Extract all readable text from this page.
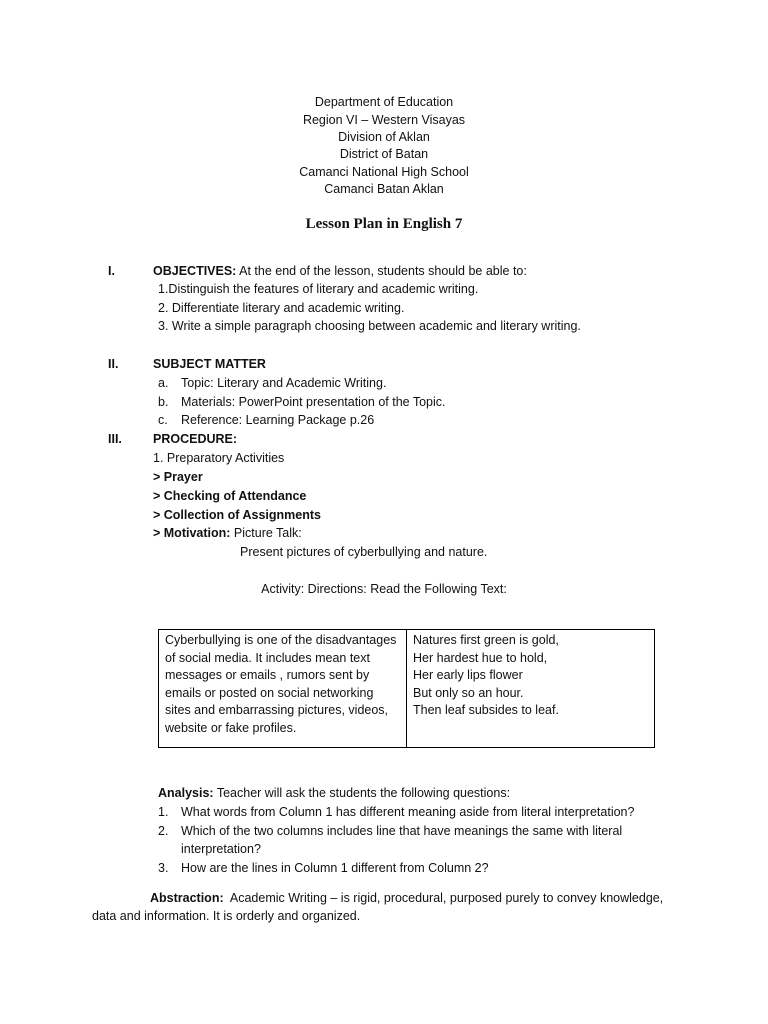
Department of Education
Region VI – Western Visayas
Division of Aklan
District of Batan
Camanci National High School
Camanci Batan Aklan
Lesson Plan in English 7
I.	OBJECTIVES: At the end of the lesson, students should be able to:
1.Distinguish the features of literary and academic writing.
2. Differentiate literary and academic writing.
3. Write a simple paragraph choosing between academic and literary writing.
II.	SUBJECT MATTER
a. Topic: Literary and Academic Writing.
b. Materials: PowerPoint presentation of the Topic.
c. Reference: Learning Package p.26
III. PROCEDURE:
1. Preparatory Activities
> Prayer
> Checking of Attendance
> Collection of Assignments
> Motivation: Picture Talk:
Present pictures of cyberbullying and nature.
Activity: Directions: Read the Following Text:
Cyberbullying is one of the disadvantages
of social media. It includes mean text
messages or emails , rumors sent by
emails or posted on social networking
sites and embarrassing pictures, videos,
website or fake profiles.
Natures first green is gold,
Her hardest hue to hold,
Her early lips flower
But only so an hour.
Then leaf subsides to leaf.
Analysis: Teacher will ask the students the following questions:
1. What words from Column 1 has different meaning aside from literal interpretation?
2. Which of the two columns includes line that have meanings the same with literal
interpretation?
3. How are the lines in Column 1 different from Column 2?
Abstraction:  Academic Writing – is rigid, procedural, purposed purely to convey knowledge,
data and information. It is orderly and organized.
